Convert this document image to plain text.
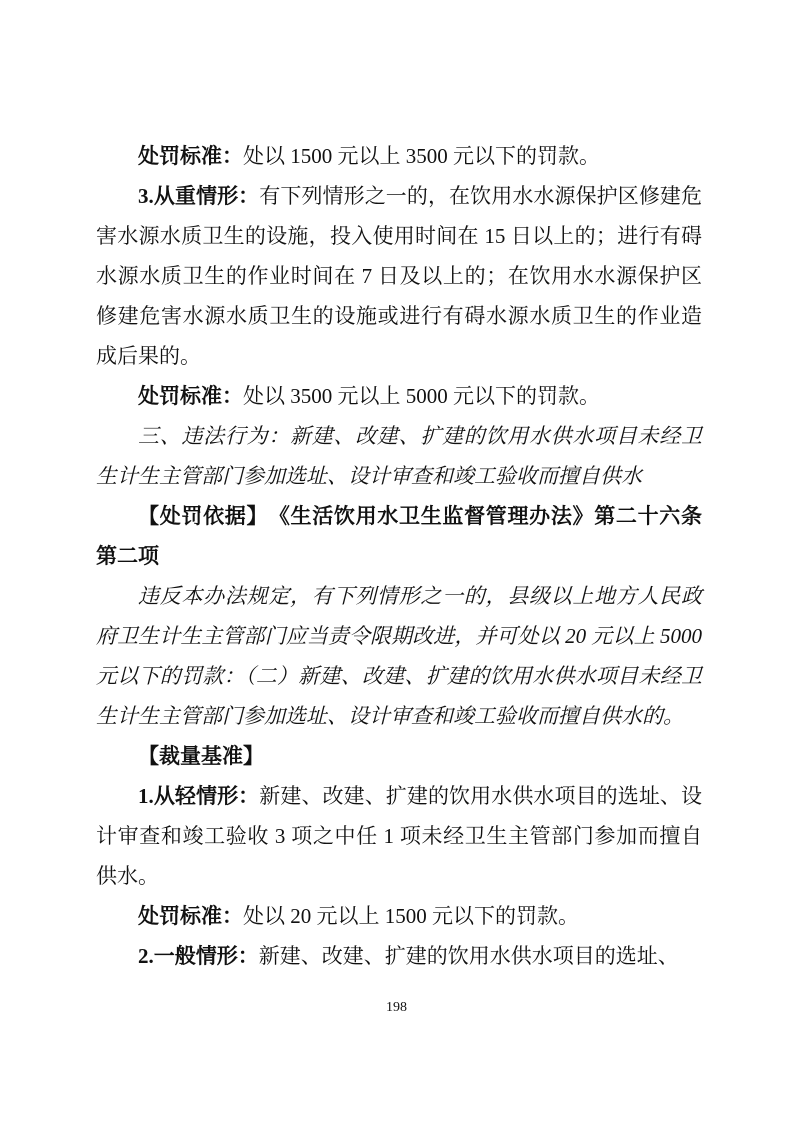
处罚标准：处以 1500 元以上 3500 元以下的罚款。

3.从重情形：有下列情形之一的，在饮用水水源保护区修建危害水源水质卫生的设施，投入使用时间在 15 日以上的；进行有碍水源水质卫生的作业时间在 7 日及以上的；在饮用水水源保护区修建危害水源水质卫生的设施或进行有碍水源水质卫生的作业造成后果的。

处罚标准：处以 3500 元以上 5000 元以下的罚款。

三、违法行为：新建、改建、扩建的饮用水供水项目未经卫生计生主管部门参加选址、设计审查和竣工验收而擅自供水

【处罚依据】　《生活饮用水卫生监督管理办法》第二十六条第二项

违反本办法规定，有下列情形之一的，县级以上地方人民政府卫生计生主管部门应当责令限期改进，并可处以 20 元以上 5000 元以下的罚款：（二）新建、改建、扩建的饮用水供水项目未经卫生计生主管部门参加选址、设计审查和竣工验收而擅自供水的。

【裁量基准】

1.从轻情形：新建、改建、扩建的饮用水供水项目的选址、设计审查和竣工验收 3 项之中任 1 项未经卫生主管部门参加而擅自供水。

处罚标准：处以 20 元以上 1500 元以下的罚款。

2.一般情形：新建、改建、扩建的饮用水供水项目的选址、

198
